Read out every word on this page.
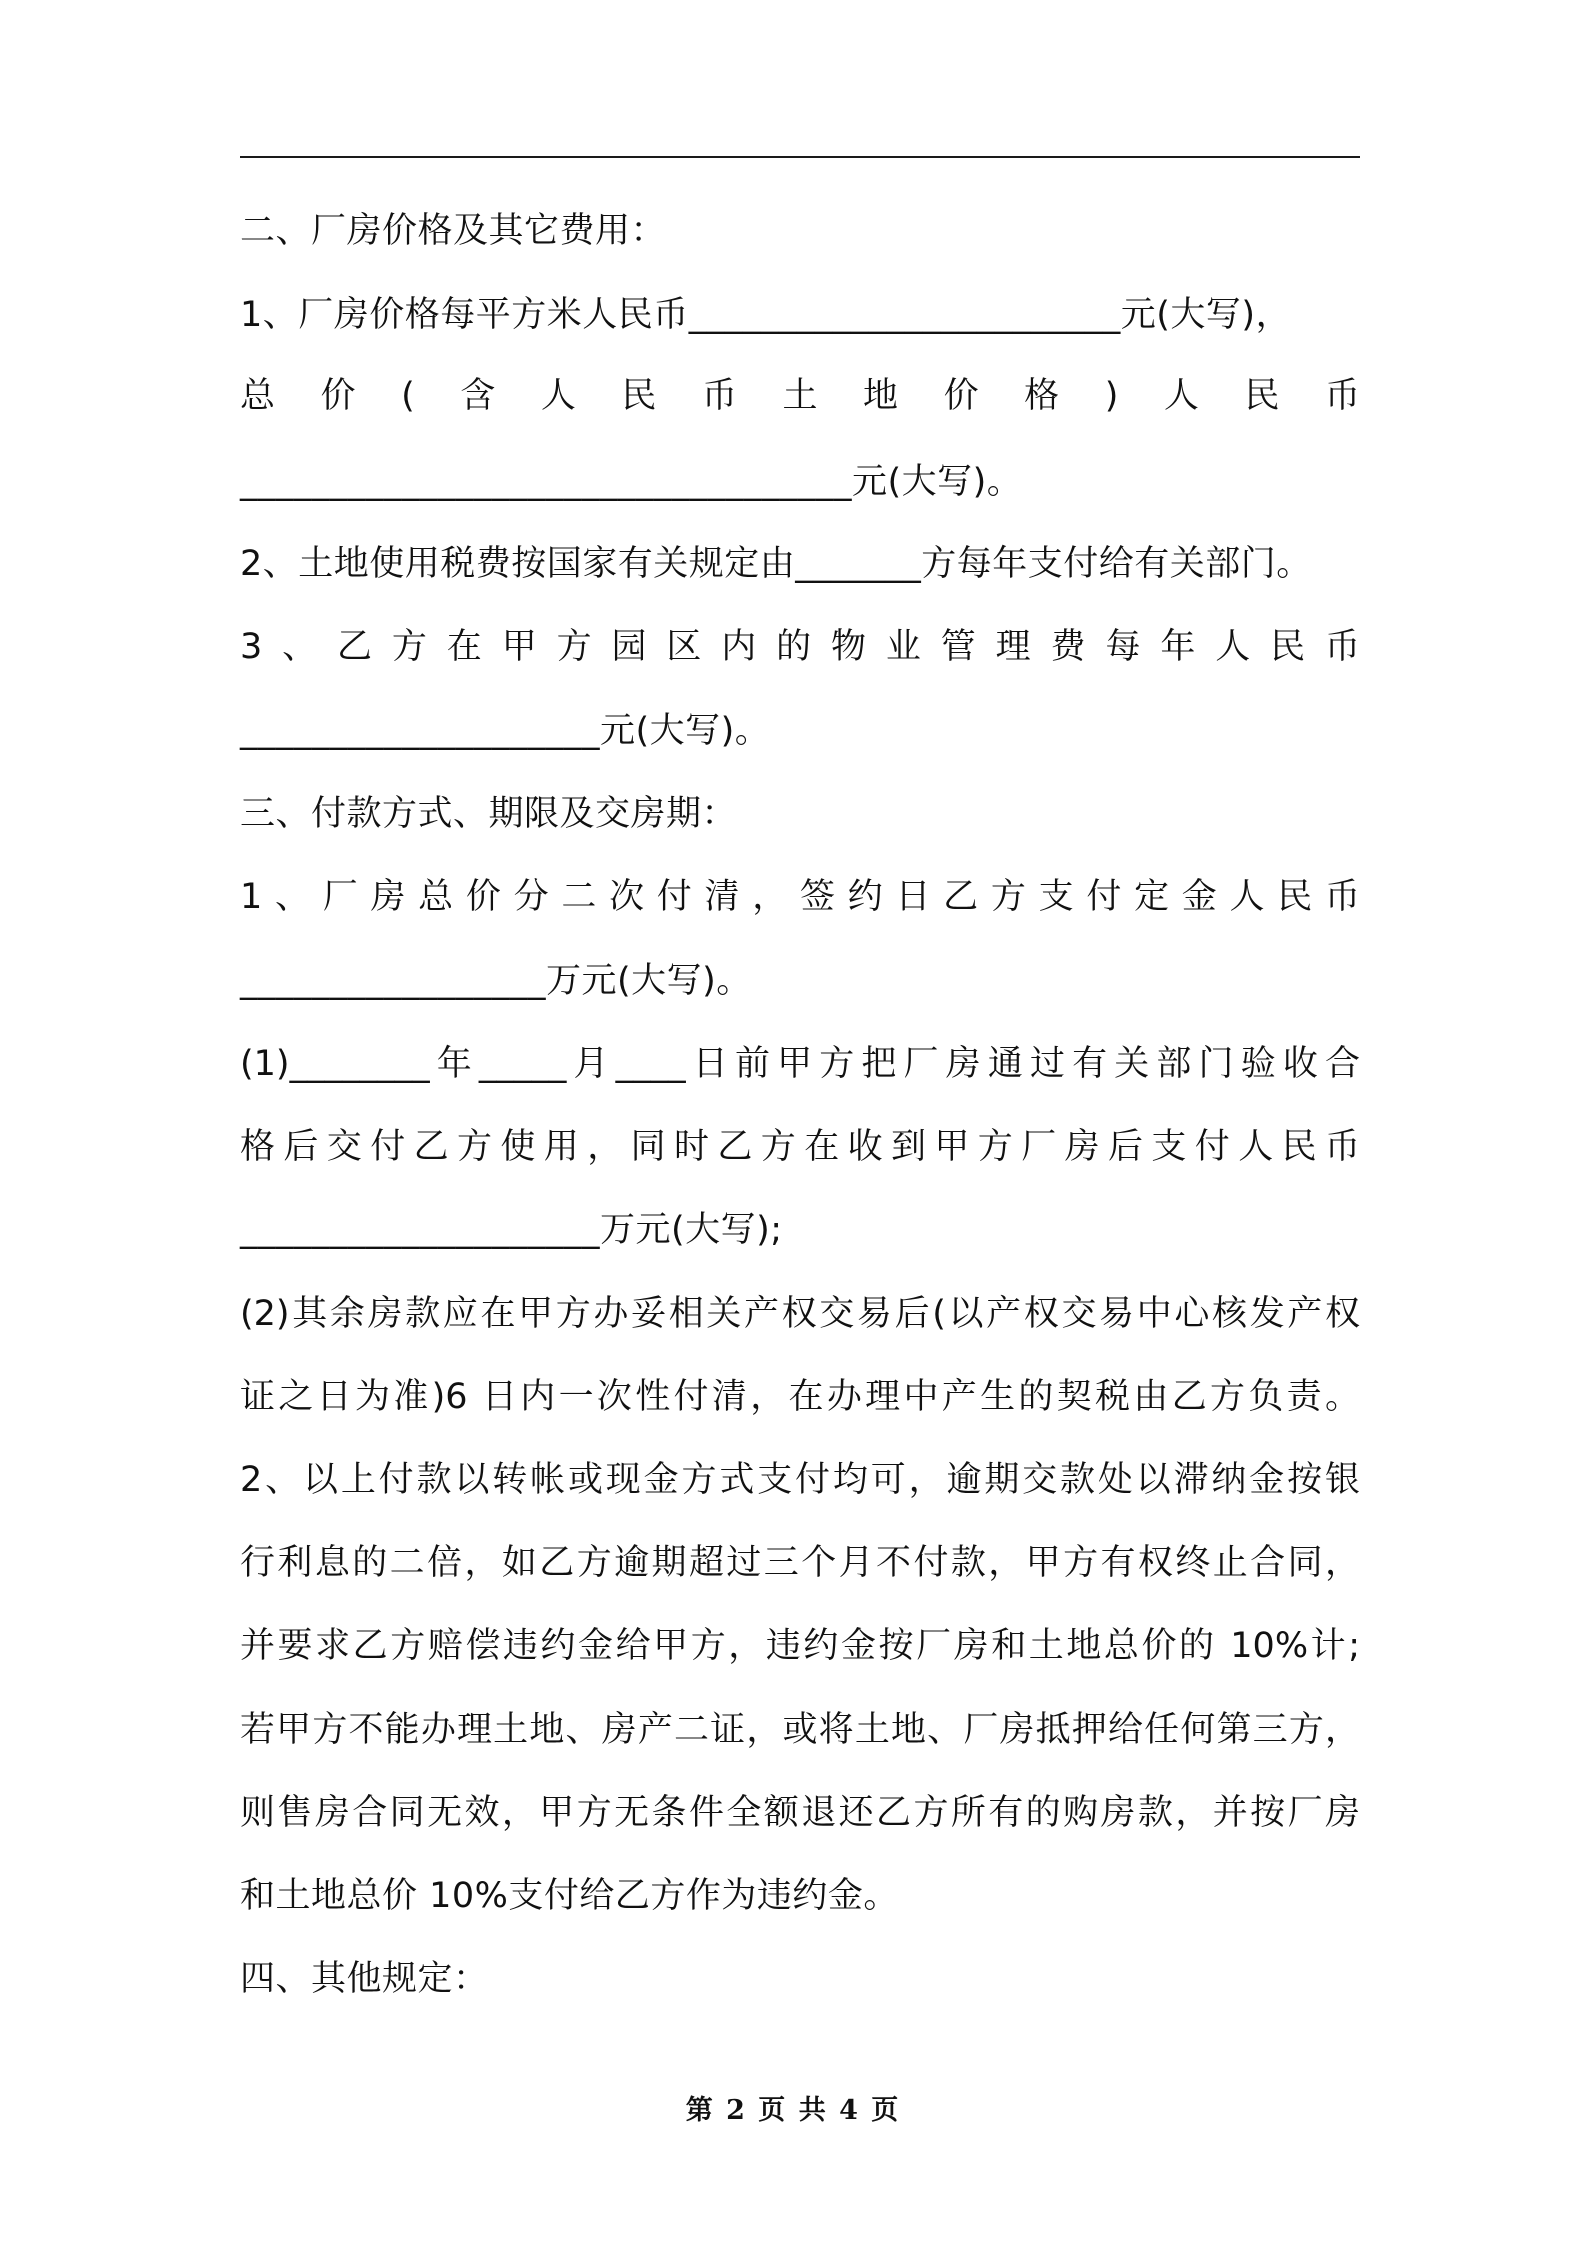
二、厂房价格及其它费用：
1、厂房价格每平方米人民币________________________元(大写)，
总价(含人民币土地价格)人民币
__________________________________元(大写)。
2、土地使用税费按国家有关规定由_______方每年支付给有关部门。
3、乙方在甲方园区内的物业管理费每年人民币
____________________元(大写)。
三、付款方式、期限及交房期：
1、厂房总价分二次付清，签约日乙方支付定金人民币
_________________万元(大写)。
(1)________年_____月____日前甲方把厂房通过有关部门验收合
格后交付乙方使用，同时乙方在收到甲方厂房后支付人民币
____________________万元(大写);
(2)其余房款应在甲方办妥相关产权交易后(以产权交易中心核发产权
证之日为准)6 日内一次性付清，在办理中产生的契税由乙方负责。
2、以上付款以转帐或现金方式支付均可，逾期交款处以滞纳金按银
行利息的二倍，如乙方逾期超过三个月不付款，甲方有权终止合同，
并要求乙方赔偿违约金给甲方，违约金按厂房和土地总价的 10%计;
若甲方不能办理土地、房产二证，或将土地、厂房抵押给任何第三方，
则售房合同无效，甲方无条件全额退还乙方所有的购房款，并按厂房
和土地总价 10%支付给乙方作为违约金。
四、其他规定：
第 2 页 共 4 页
